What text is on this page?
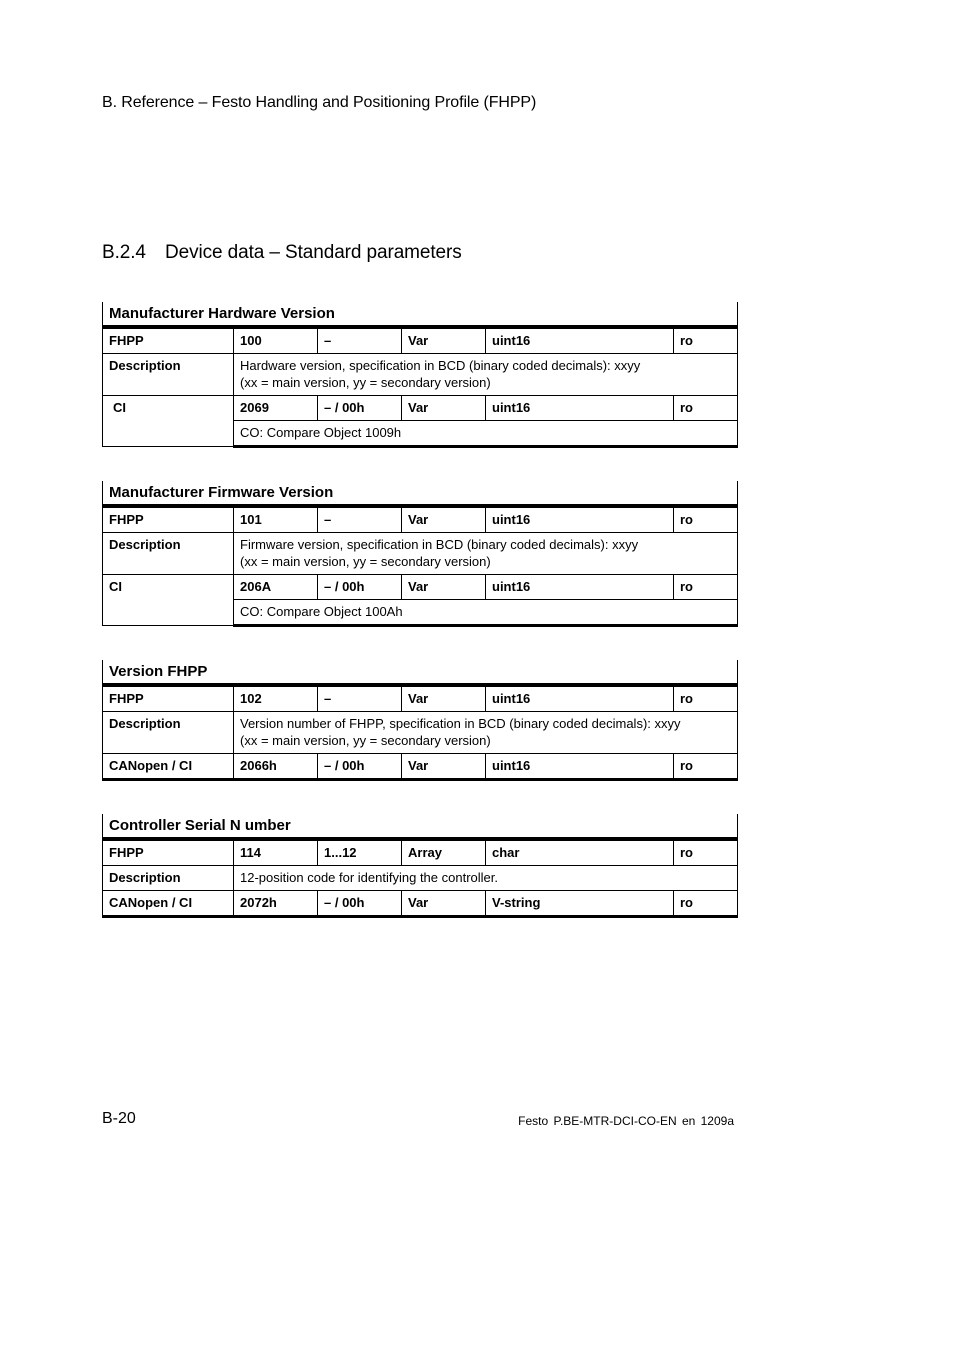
B. Reference – Festo Handling and Positioning Profile (FHPP)
B.2.4 Device data – Standard parameters
Manufacturer Hardware Version					
FHPP	100	–	Var	uint16	ro
Description	Hardware version, specification in BCD (binary coded decimals): xxyy
(xx = main version, yy = secondary version)				

CI	2069	– / 00h	Var	uint16	ro
	CO: Compare Object 1009h				
Manufacturer Firmware Version					
FHPP	101	–	Var	uint16	ro
Description	Firmware version, specification in BCD (binary coded decimals): xxyy
(xx = main version, yy = secondary version)				

CI	206A	– / 00h	Var	uint16	ro
	CO: Compare Object 100Ah				
Version FHPP					
FHPP	102	–	Var	uint16	ro
Description	Version number of FHPP, specification in BCD (binary coded decimals): xxyy
(xx = main version, yy = secondary version)				

CANopen / CI	2066h	– / 00h	Var	uint16	ro
Controller Serial N umber					
FHPP	114	1...12	Array	char	ro
Description	12-position code for identifying the controller.				
CANopen / CI	2072h	– / 00h	Var	V-string	ro
B-20	Festo P.BE-MTR-DCI-CO-EN en 1209a
